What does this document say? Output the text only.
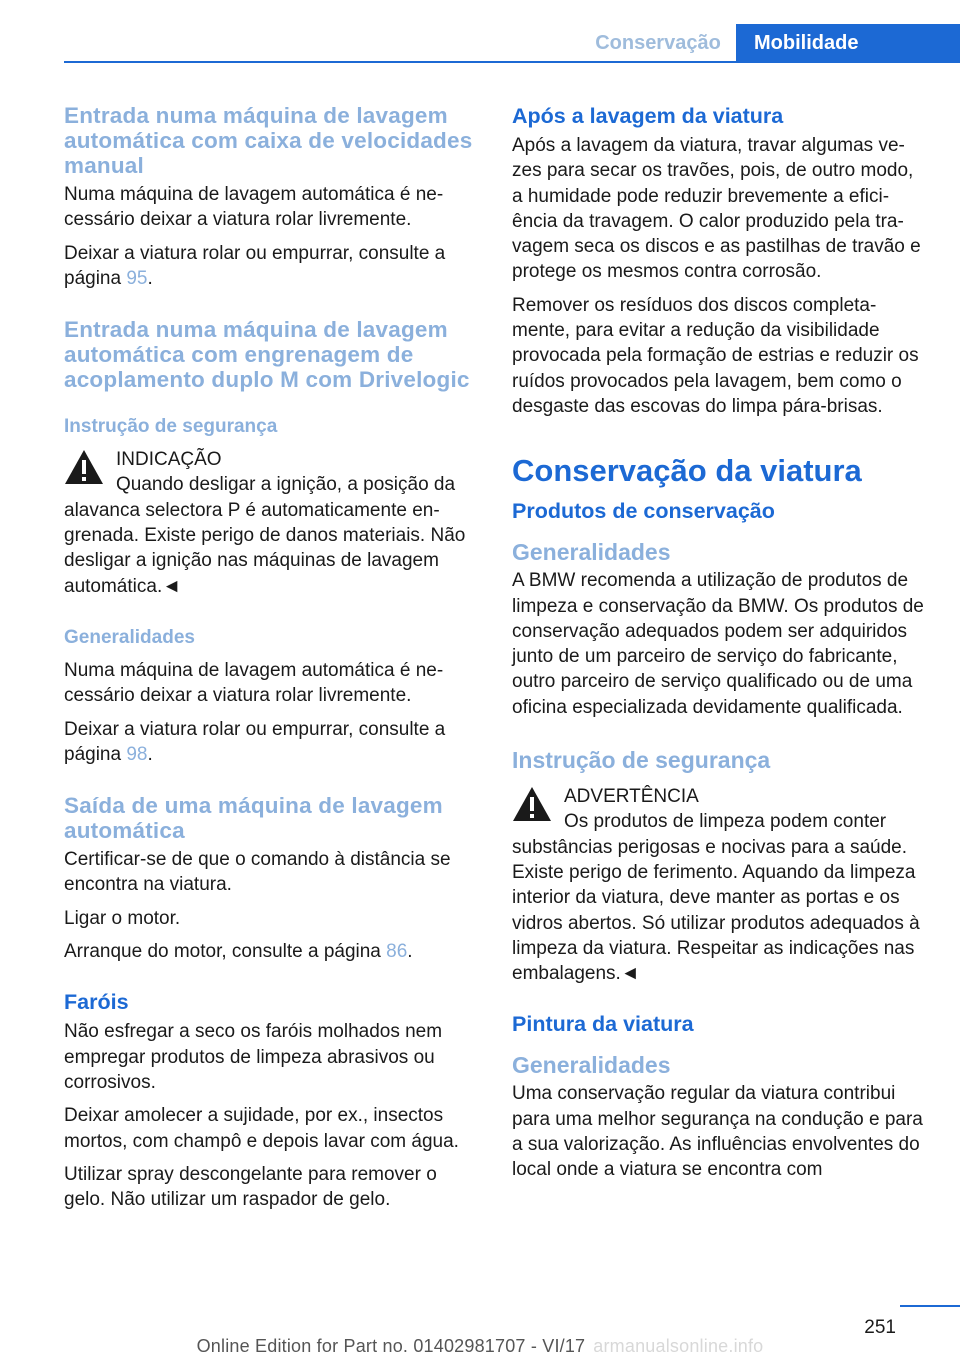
Conservação	Mobilidade
Entrada numa máquina de lavagem automática com caixa de velocidades manual

Numa máquina de lavagem automática é necessário deixar a viatura rolar livremente.

Deixar a viatura rolar ou empurrar, consulte a página 95.

Entrada numa máquina de lavagem automática com engrenagem de acoplamento duplo M com Drivelogic
Instrução de segurança
INDICAÇÃO
Quando desligar a ignição, a posição da
alavanca selectora P é automaticamente engrenada. Existe perigo de danos materiais. Não desligar a ignição nas máquinas de lavagem automática.◄
Generalidades

Numa máquina de lavagem automática é necessário deixar a viatura rolar livremente.

Deixar a viatura rolar ou empurrar, consulte a página 98.

Saída de uma máquina de lavagem automática

Certificar-se de que o comando à distância se encontra na viatura.

Ligar o motor.

Arranque do motor, consulte a página 86.

Faróis

Não esfregar a seco os faróis molhados nem empregar produtos de limpeza abrasivos ou corrosivos.

Deixar amolecer a sujidade, por ex., insectos mortos, com champô e depois lavar com água.

Utilizar spray descongelante para remover o gelo. Não utilizar um raspador de gelo.

Após a lavagem da viatura

Após a lavagem da viatura, travar algumas vezes para secar os travões, pois, de outro modo, a humidade pode reduzir brevemente a eficiência da travagem. O calor produzido pela travagem seca os discos e as pastilhas de travão e protege os mesmos contra corrosão.

Remover os resíduos dos discos completamente, para evitar a redução da visibilidade provocada pela formação de estrias e reduzir os ruídos provocados pela lavagem, bem como o desgaste das escovas do limpa pára-brisas.

Conservação da viatura
Produtos de conservação
Generalidades

A BMW recomenda a utilização de produtos de limpeza e conservação da BMW. Os produtos de conservação adequados podem ser adquiridos junto de um parceiro de serviço do fabricante, outro parceiro de serviço qualificado ou de uma oficina especializada devidamente qualificada.

Instrução de segurança
ADVERTÊNCIA
Os produtos de limpeza podem conter
substâncias perigosas e nocivas para a saúde. Existe perigo de ferimento. Aquando da limpeza interior da viatura, deve manter as portas e os vidros abertos. Só utilizar produtos adequados à limpeza da viatura. Respeitar as indicações nas embalagens.◄
Pintura da viatura
Generalidades

Uma conservação regular da viatura contribui para uma melhor segurança na condução e para a sua valorização. As influências envolventes do local onde a viatura se encontra com

251
Online Edition for Part no. 01402981707 - VI/17 armanualsonline.info
